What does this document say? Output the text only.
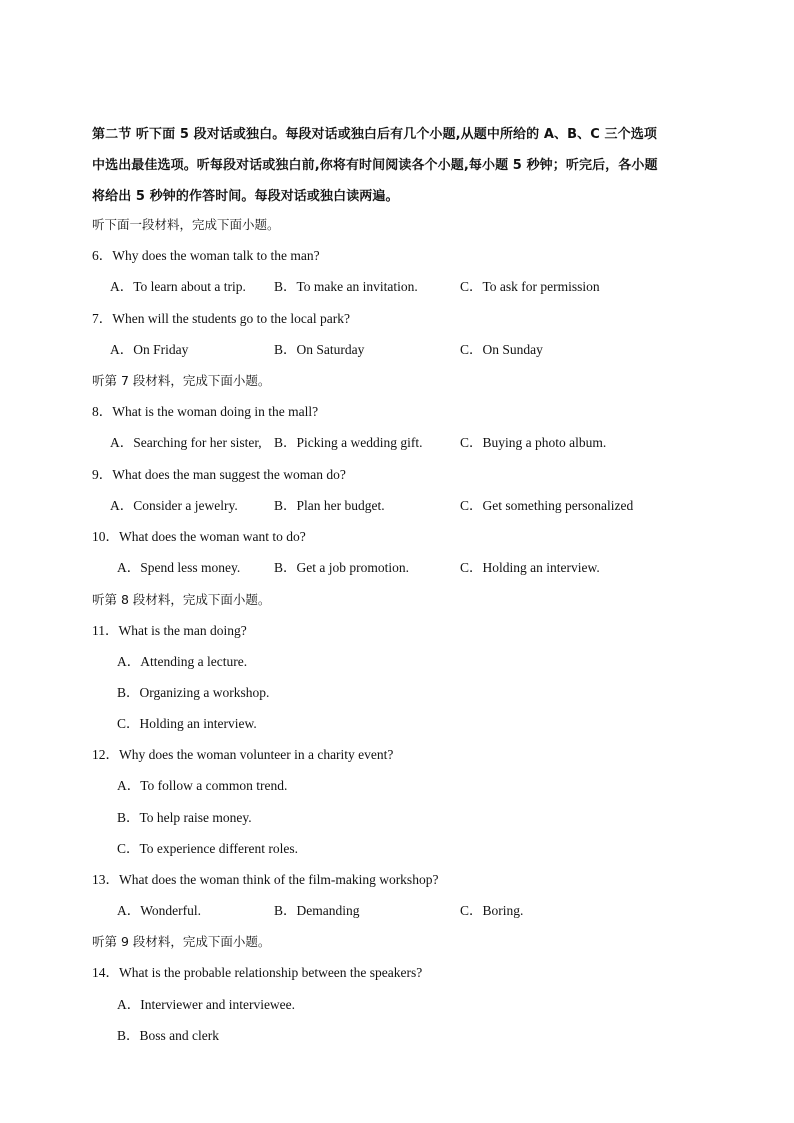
第二节 听下面 5 段对话或独白。每段对话或独白后有几个小题,从题中所给的 A、B、C 三个选项
中选出最佳选项。听每段对话或独白前,你将有时间阅读各个小题,每小题 5 秒钟；听完后，各小题
将给出 5 秒钟的作答时间。每段对话或独白读两遍。
听下面一段材料，完成下面小题。
6．Why does the woman talk to the man?
A．To learn about a trip. B．To make an invitation.	C．To ask for permission
7．When will the students go to the local park?
A．On Friday	B．On Saturday	C．On Sunday
听第 7 段材料，完成下面小题。
8．What is the woman doing in the mall?
A．Searching for her sister, B．Picking a wedding gift.	C．Buying a photo album.
9．What does the man suggest the woman do?
A．Consider a jewelry.	B．Plan her budget.	C．Get something personalized
10．What does the woman want to do?
A．Spend less money.	B．Get a job promotion.	C．Holding an interview.
听第 8 段材料，完成下面小题。
11．What is the man doing?
A．Attending a lecture.
B．Organizing a workshop.
C．Holding an interview.
12．Why does the woman volunteer in a charity event?
A．To follow a common trend.
B．To help raise money.
C．To experience different roles.
13．What does the woman think of the film-making workshop?
A．Wonderful.	B．Demanding	C．Boring.
听第 9 段材料，完成下面小题。
14．What is the probable relationship between the speakers?
A．Interviewer and interviewee.
B．Boss and clerk
